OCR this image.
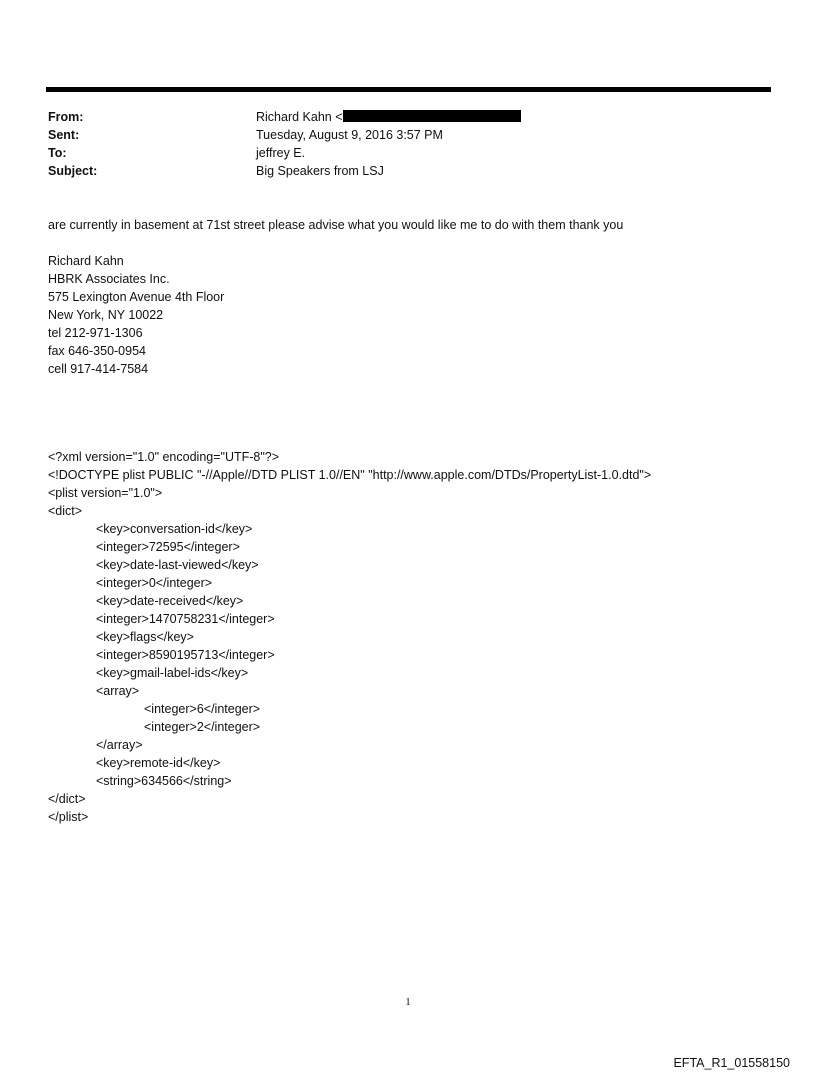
From:	Richard Kahn <
Sent:	Tuesday, August 9, 2016 3:57 PM
To:	jeffrey E.
Subject:	Big Speakers from LSJ
are currently in basement at 71st street please advise what you would like me to do with them thank you
Richard Kahn
HBRK Associates Inc.
575 Lexington Avenue 4th Floor
New York, NY 10022
tel 212-971-1306
fax 646-350-0954
cell 917-414-7584
<?xml version="1.0" encoding="UTF-8"?>
<!DOCTYPE plist PUBLIC "-//Apple//DTD PLIST 1.0//EN" "http://www.apple.com/DTDs/PropertyList-1.0.dtd">
<plist version="1.0">
<dict>
<key>conversation-id</key>
<integer>72595</integer>
<key>date-last-viewed</key>
<integer>0</integer>
<key>date-received</key>
<integer>1470758231</integer>
<key>flags</key>
<integer>8590195713</integer>
<key>gmail-label-ids</key>
<array>
<integer>6</integer>
<integer>2</integer>
</array>
<key>remote-id</key>
<string>634566</string>
</dict>
</plist>
1
EFTA_R1_01558150
